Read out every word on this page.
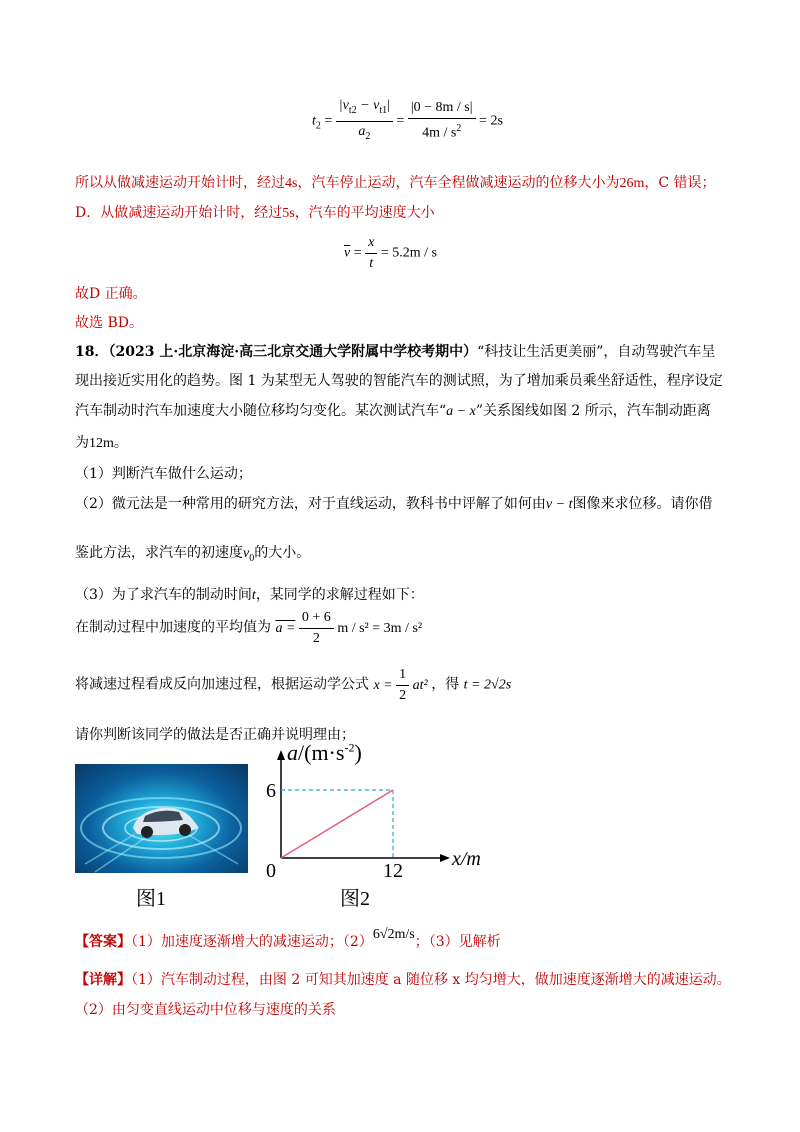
$t_2 = \frac{|v_{t2} - v_{t1}|}{a_2} = \frac{|0 - 8m / s|}{4m / s^2} = 2s$
所以从做减速运动开始计时，经过4s，汽车停止运动，汽车全程做减速运动的位移大小为26m，C 错误；
D．从做减速运动开始计时，经过5s，汽车的平均速度大小
$\overline{v} = \frac{x}{t} = 5.2m / s$
故D 正确。
故选 BD。
18．（2023 上·北京海淀·高三北京交通大学附属中学校考期中）“科技让生活更美丽”，自动驾驶汽车呈
现出接近实用化的趋势。图 1 为某型无人驾驶的智能汽车的测试照，为了增加乘员乘坐舒适性，程序设定
汽车制动时汽车加速度大小随位移均匀变化。某次测试汽车“a − x”关系图线如图 2 所示，汽车制动距离
为12m。
（1）判断汽车做什么运动；
（2）微元法是一种常用的研究方法，对于直线运动，教科书中评解了如何由v − t图像来求位移。请你借
鉴此方法，求汽车的初速度$v_0$的大小。
（3）为了求汽车的制动时间t，某同学的求解过程如下：
在制动过程中加速度的平均值为 $a = \frac{0 + 6}{2}$ m / s² = 3m / s²
将减速过程看成反向加速过程，根据运动学公式 $x = \frac{1}{2} at^2$ ，得 t = 2√2s
请你判断该同学的做法是否正确并说明理由；
图1
$a/(m\cdot s^{-2})$
x/m
0
6
12
图2
【答案】（1）加速度逐渐增大的减速运动；（2）6√2m/s；（3）见解析
【详解】（1）汽车制动过程，由图 2 可知其加速度 a 随位移 x 均匀增大，做加速度逐渐增大的减速运动。
（2）由匀变直线运动中位移与速度的关系
